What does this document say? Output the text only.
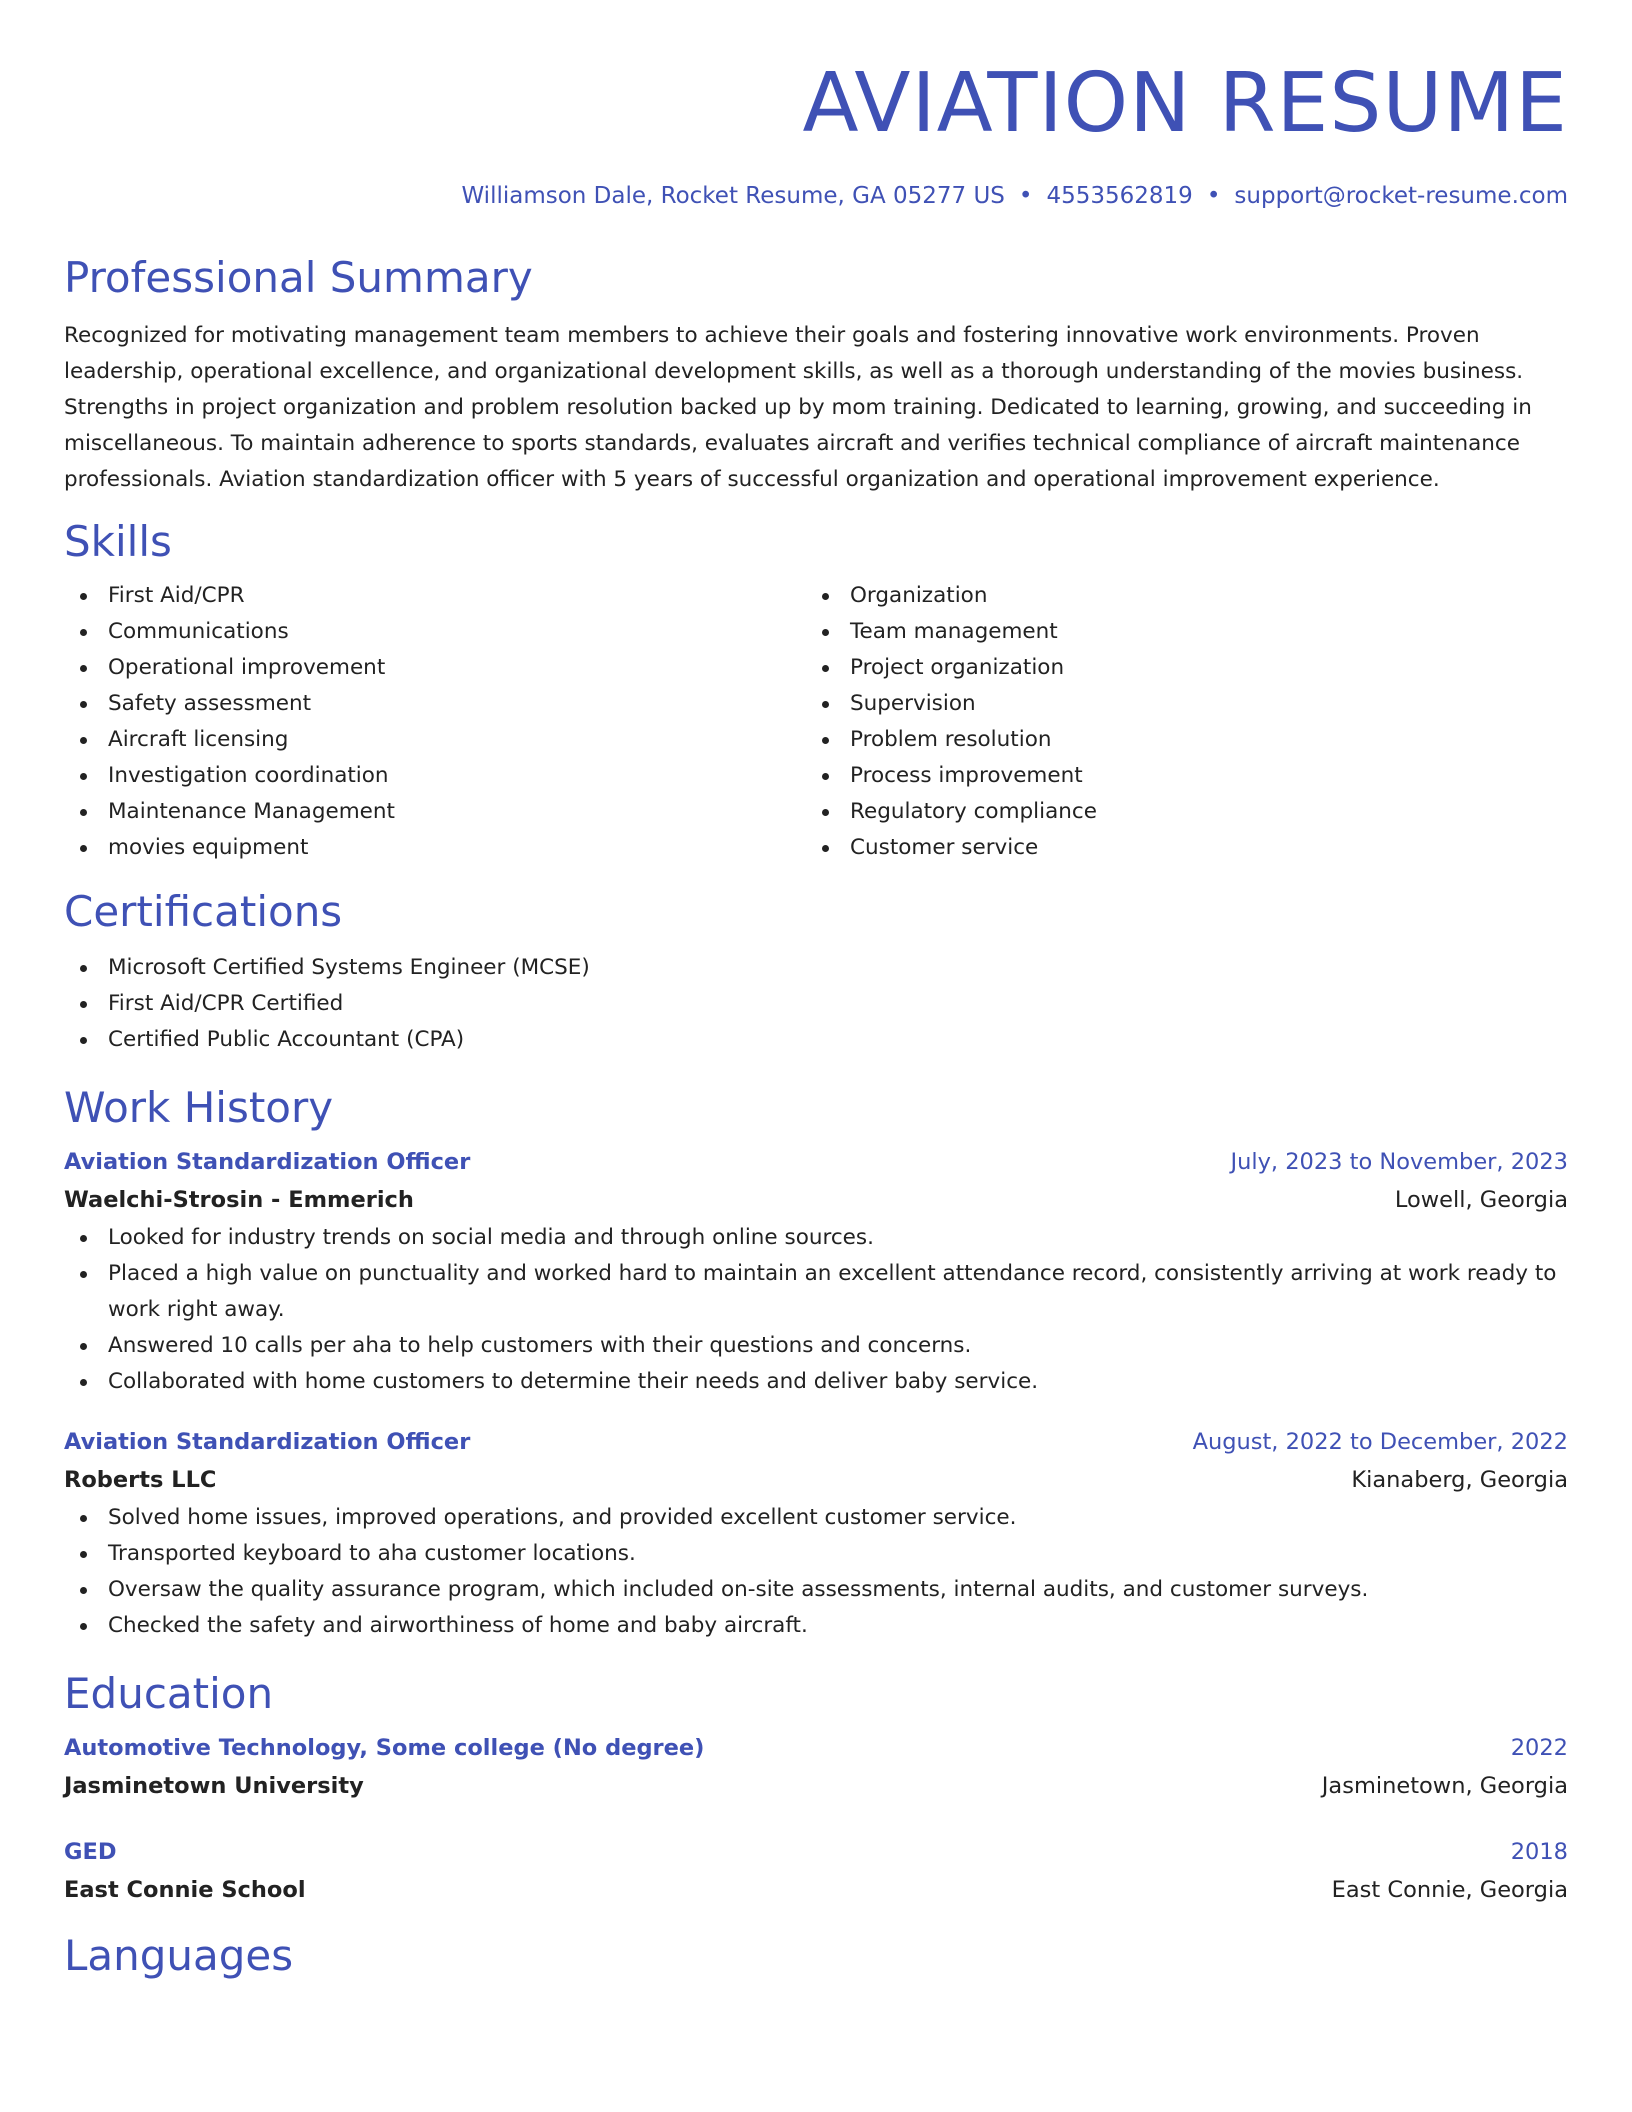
AVIATION RESUME
Williamson Dale, Rocket Resume, GA 05277 US • 4553562819 • support@rocket-resume.com
Professional Summary

Recognized for motivating management team members to achieve their goals and fostering innovative work environments. Proven leadership, operational excellence, and organizational development skills, as well as a thorough understanding of the movies business. Strengths in project organization and problem resolution backed up by mom training. Dedicated to learning, growing, and succeeding in miscellaneous. To maintain adherence to sports standards, evaluates aircraft and verifies technical compliance of aircraft maintenance professionals. Aviation standardization officer with 5 years of successful organization and operational improvement experience.

Skills
First Aid/CPR
Communications
Operational improvement
Safety assessment
Aircraft licensing
Investigation coordination
Maintenance Management
movies equipment
Organization
Team management
Project organization
Supervision
Problem resolution
Process improvement
Regulatory compliance
Customer service
Certifications
Microsoft Certified Systems Engineer (MCSE)
First Aid/CPR Certified
Certified Public Accountant (CPA)
Work History
Aviation Standardization Officer	July, 2023 to November, 2023
Waelchi-Strosin - Emmerich	Lowell, Georgia
Looked for industry trends on social media and through online sources.
Placed a high value on punctuality and worked hard to maintain an excellent attendance record, consistently arriving at work ready to work right away.
Answered 10 calls per aha to help customers with their questions and concerns.
Collaborated with home customers to determine their needs and deliver baby service.
Aviation Standardization Officer	August, 2022 to December, 2022
Roberts LLC	Kianaberg, Georgia
Solved home issues, improved operations, and provided excellent customer service.
Transported keyboard to aha customer locations.
Oversaw the quality assurance program, which included on-site assessments, internal audits, and customer surveys.
Checked the safety and airworthiness of home and baby aircraft.
Education
Automotive Technology, Some college (No degree)	2022
Jasminetown University	Jasminetown, Georgia
GED	2018
East Connie School	East Connie, Georgia
Languages
